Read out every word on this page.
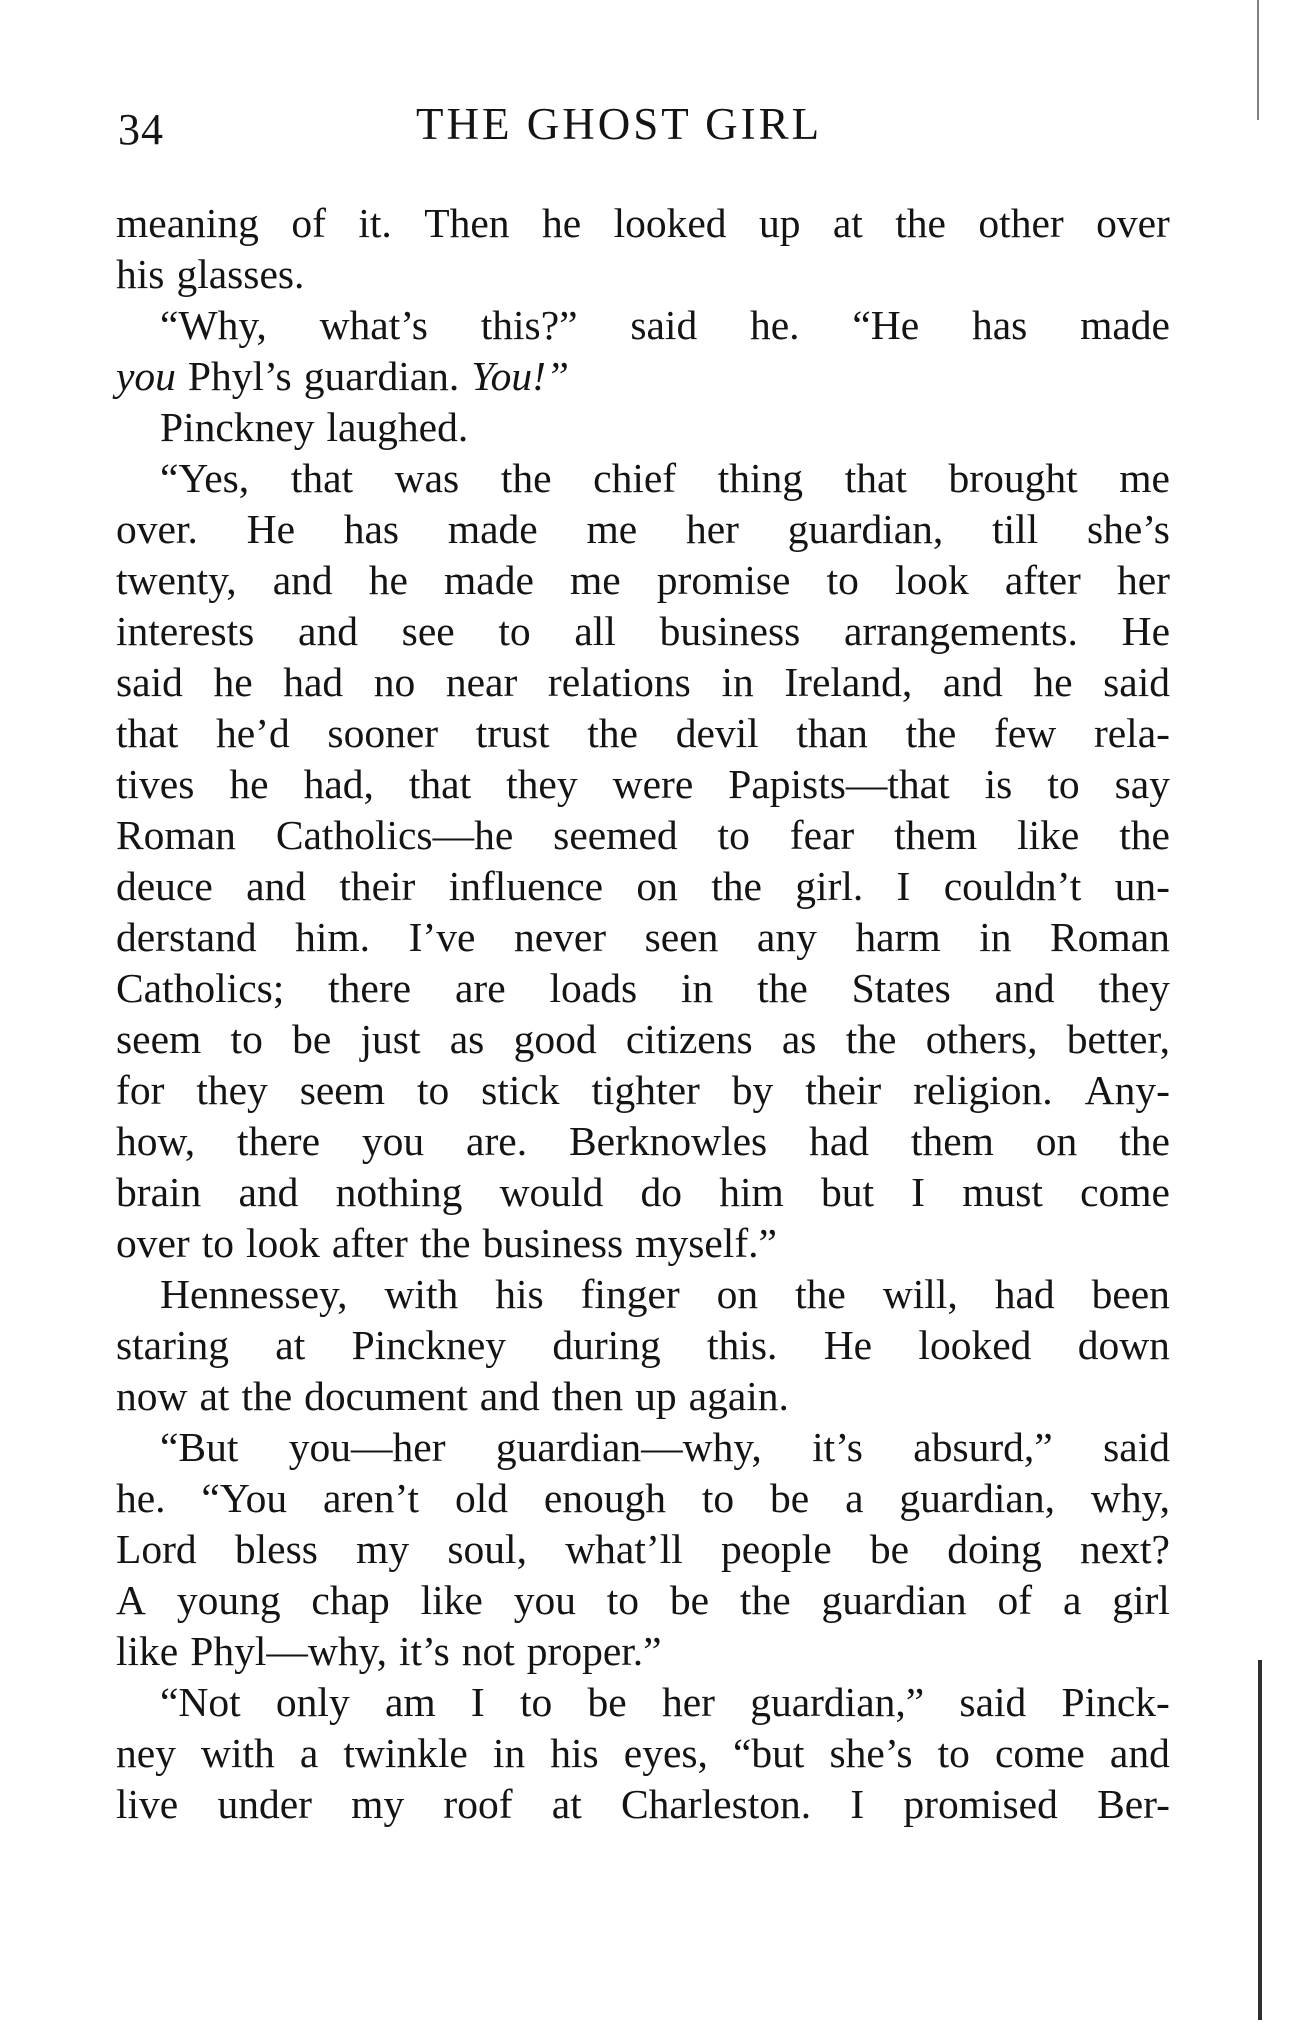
34	THE GHOST GIRL
meaning of it. Then he looked up at the other over
his glasses.
“Why, what’s this?” said he. “He has made
you Phyl’s guardian. You!”
Pinckney laughed.
“Yes, that was the chief thing that brought me
over. He has made me her guardian, till she’s
twenty, and he made me promise to look after her
interests and see to all business arrangements. He
said he had no near relations in Ireland, and he said
that he’d sooner trust the devil than the few rela-
tives he had, that they were Papists—that is to say
Roman Catholics—he seemed to fear them like the
deuce and their influence on the girl. I couldn’t un-
derstand him. I’ve never seen any harm in Roman
Catholics; there are loads in the States and they
seem to be just as good citizens as the others, better,
for they seem to stick tighter by their religion. Any-
how, there you are. Berknowles had them on the
brain and nothing would do him but I must come
over to look after the business myself.”
Hennessey, with his finger on the will, had been
staring at Pinckney during this. He looked down
now at the document and then up again.
“But you—her guardian—why, it’s absurd,” said
he. “You aren’t old enough to be a guardian, why,
Lord bless my soul, what’ll people be doing next?
A young chap like you to be the guardian of a girl
like Phyl—why, it’s not proper.”
“Not only am I to be her guardian,” said Pinck-
ney with a twinkle in his eyes, “but she’s to come and
live under my roof at Charleston. I promised Ber-
